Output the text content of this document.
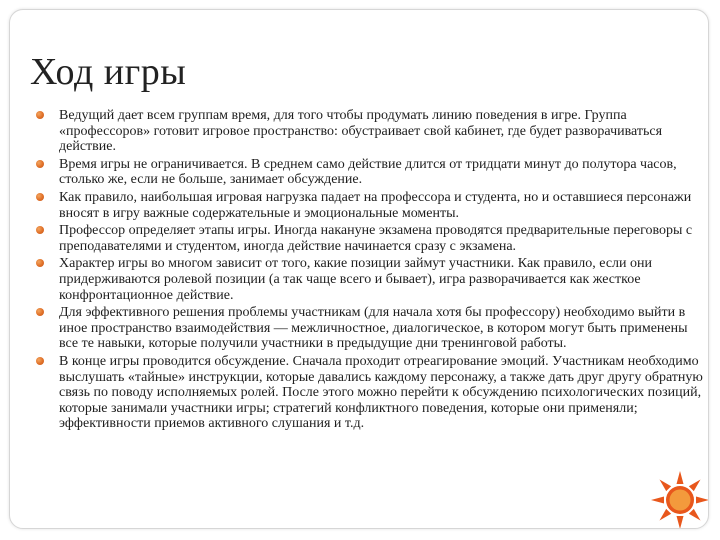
Ход игры
Ведущий дает всем группам время, для того чтобы продумать линию поведения в игре. Группа «профессоров» готовит игровое пространство: обустраивает свой кабинет, где будет разворачиваться действие.
Время игры не ограничивается. В среднем само действие длится от тридцати минут до полутора часов, столько же, если не больше, занимает обсуждение.
Как правило, наибольшая игровая нагрузка падает на профессора и студента, но и оставшиеся персонажи вносят в игру важные содержательные и эмоциональные моменты.
Профессор определяет этапы игры. Иногда накануне экзамена проводятся предварительные переговоры с преподавателями и студентом, иногда действие начинается сразу с экзамена.
Характер игры во многом зависит от того, какие позиции займут участники. Как правило, если они придерживаются ролевой позиции (а так чаще всего и бывает), игра разворачивается как жесткое конфронтационное действие.
Для эффективного решения проблемы участникам (для начала хотя бы профессору) необходимо выйти в иное пространство взаимодействия — межличностное, диалогическое, в котором могут быть применены все те навыки, которые получили участники в предыдущие дни тренинговой работы.
В конце игры проводится обсуждение. Сначала проходит отреагирование эмоций. Участникам необходимо выслушать «тайные» инструкции, которые давались каждому персонажу, а также дать друг другу обратную связь по поводу исполняемых ролей. После этого можно перейти к обсуждению психологических позиций, которые занимали участники игры; стратегий конфликтного поведения, которые они применяли; эффективности приемов активного слушания и т.д.
